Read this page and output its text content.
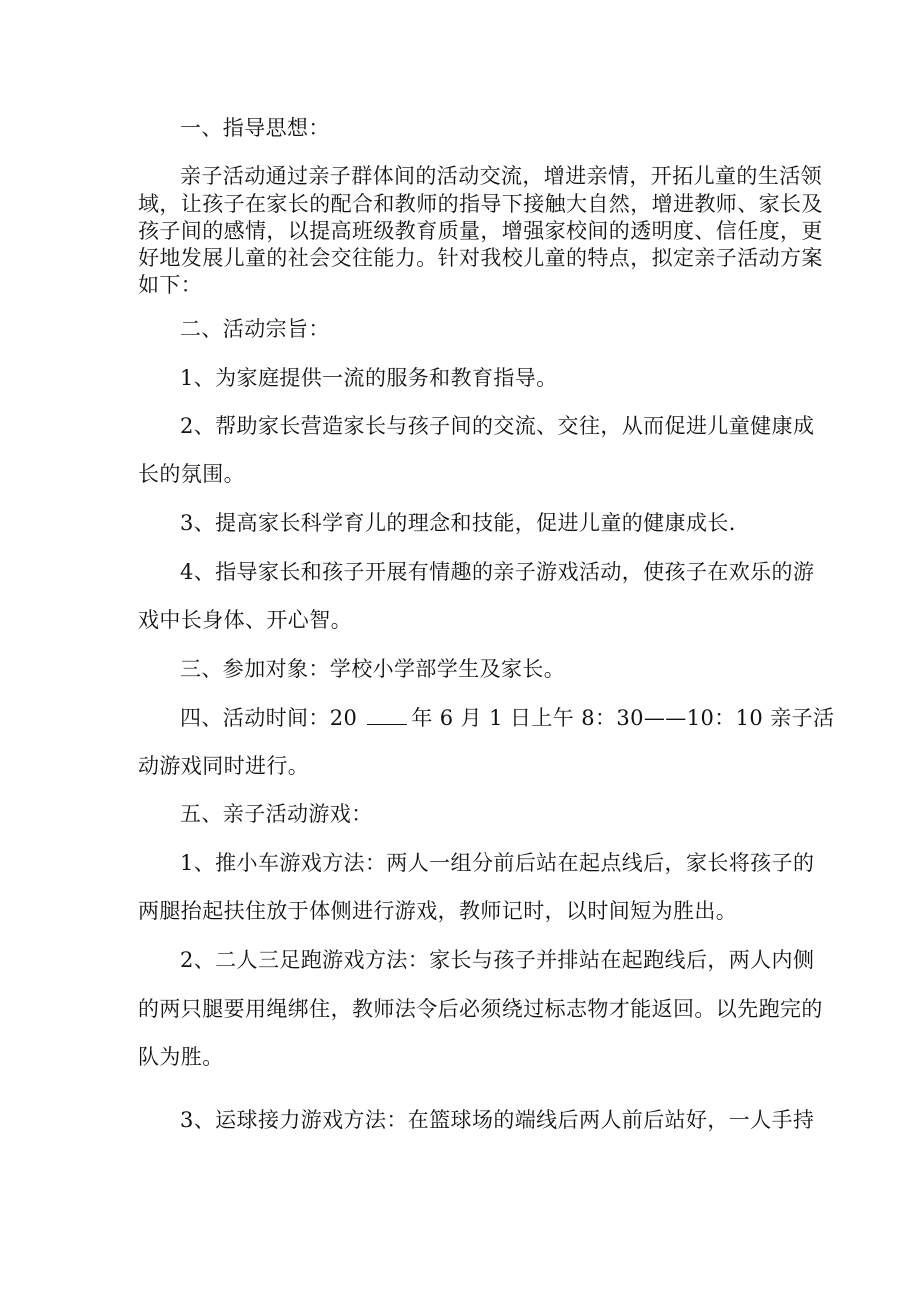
一、指导思想：
亲子活动通过亲子群体间的活动交流，增进亲情，开拓儿童的生活领
域，让孩子在家长的配合和教师的指导下接触大自然，增进教师、家长及
孩子间的感情，以提高班级教育质量，增强家校间的透明度、信任度，更
好地发展儿童的社会交往能力。针对我校儿童的特点，拟定亲子活动方案
如下：
二、活动宗旨：
1、为家庭提供一流的服务和教育指导。
2、帮助家长营造家长与孩子间的交流、交往，从而促进儿童健康成
长的氛围。
3、提高家长科学育儿的理念和技能，促进儿童的健康成长.
4、指导家长和孩子开展有情趣的亲子游戏活动，使孩子在欢乐的游
戏中长身体、开心智。
三、参加对象：学校小学部学生及家长。
四、活动时间：20	年 6 月 1 日上午 8：30——10：10 亲子活
动游戏同时进行。
五、亲子活动游戏：
1、推小车游戏方法：两人一组分前后站在起点线后，家长将孩子的
两腿抬起扶住放于体侧进行游戏，教师记时，以时间短为胜出。
2、二人三足跑游戏方法：家长与孩子并排站在起跑线后，两人内侧
的两只腿要用绳绑住，教师法令后必须绕过标志物才能返回。以先跑完的
队为胜。
3、运球接力游戏方法：在篮球场的端线后两人前后站好，一人手持
